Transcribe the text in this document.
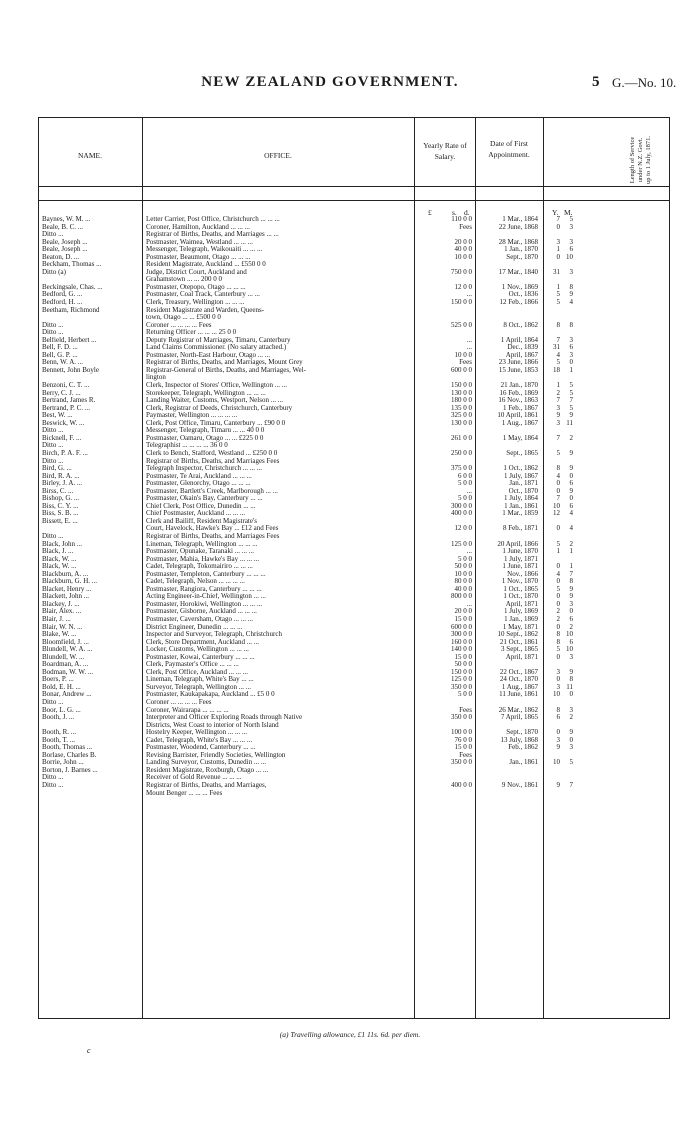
NEW ZEALAND GOVERNMENT.	5 G.—No. 10.
NAME.	OFFICE.
Yearly Rate of Salary.
Date of First Appointment.	Length of Service under N.Z. Govt. up to 1 July, 1871.
£	s. d.	Y. M.
Baynes, W. M. ...	Letter Carrier, Post Office, Christchurch ... ... ...	110 0 0	1 Mar., 1864	7	5
Beale, B. C. ...	Coroner, Hamilton, Auckland ... ... ...	Fees	22 June, 1868	0	3
Ditto ...	Registrar of Births, Deaths, and Marriages ... ...
Beale, Joseph ...	Postmaster, Waimea, Westland ... ... ...	20 0 0	28 Mar., 1868	3	3
Beale, Joseph ...	Messenger, Telegraph, Waikouaiti ... ... ...	40 0 0	1 Jan., 1870	1	6
Beaton, D. ...	Postmaster, Beaumont, Otago ... ... ...	10 0 0	Sept., 1870	0 10
Beckham, Thomas ...	Resident Magistrate, Auckland ... £550 0 0
Ditto (a)	Judge, District Court, Auckland and	750 0 0	17 Mar., 1840	31	3
Grahamstown ... ... 200 0 0
Beckingsale, Chas. ...	Postmaster, Otepopo, Otago ... ... ...	12 0 0	1 Nov., 1869	1	8
Bedford, G. ...	Postmaster, Coal Track, Canterbury ... ...	...	Oct., 1836	5	9
Bedford, H. ...	Clerk, Treasury, Wellington ... ... ...	150 0 0	12 Feb., 1866	5	4
Beetham, Richmond	Resident Magistrate and Warden, Queens-
town, Otago ... ... £500 0 0
Ditto ...	Coroner ... ... ... ... Fees	525 0 0	8 Oct., 1862	8	8
Ditto ...	Returning Officer ... ... ... 25 0 0
Belfield, Herbert ...	Deputy Registrar of Marriages, Timaru, Canterbury	...	1 April, 1864	7	3
Bell, F. D. ...	Land Claims Commissioner. (No salary attached.)	...	Dec., 1839	31	6
Bell, G. P. ...	Postmaster, North-East Harbour, Otago ... ...	10 0 0	April, 1867	4	3
Benn, W. A. ...	Registrar of Births, Deaths, and Marriages, Mount Grey	Fees	23 June, 1866	5	0
Bennett, John Boyle	Registrar-General of Births, Deaths, and Marriages, Wel-	600 0 0	15 June, 1853	18	1
lington
Benzoni, C. T. ...	Clerk, Inspector of Stores' Office, Wellington ... ...	150 0 0	21 Jan., 1870	1	5
Berry, C. J. ...	Storekeeper, Telegraph, Wellington ... ... ...	130 0 0	16 Feb., 1869	2	5
Bertrand, James R.	Landing Waiter, Customs, Westport, Nelson ... ...	180 0 0	16 Nov., 1863	7	7
Bertrand, P. C. ...	Clerk, Registrar of Deeds, Christchurch, Canterbury	135 0 0	1 Feb., 1867	3	5
Best, W. ...	Paymaster, Wellington ... ... ... ...	325 0 0	10 April, 1861	9	9
Beswick, W. ...	Clerk, Post Office, Timaru, Canterbury ... £90 0 0	130 0 0	1 Aug., 1867	3 11
Ditto ...	Messenger, Telegraph, Timaru ... ... 40 0 0
Bicknell, F. ...	Postmaster, Oamaru, Otago ... ... £225 0 0	261 0 0	1 May, 1864	7	2
Ditto ...	Telegraphist ... ... ... ... 36 0 0
Birch, P. A. F. ...	Clerk to Bench, Stafford, Westland ... £250 0 0	250 0 0	Sept., 1865	5	9
Ditto ...	Registrar of Births, Deaths, and Marriages Fees
Bird, G. ...	Telegraph Inspector, Christchurch ... ... ...	375 0 0	1 Oct., 1862	8	9
Bird, R. A. ...	Postmaster, Te Arai, Auckland ... ... ...	6 0 0	1 July, 1867	4	0
Birley, J. A. ...	Postmaster, Glenorchy, Otago ... ... ...	5 0 0	Jan., 1871	0	6
Birss, C. ...	Postmaster, Bartlett's Creek, Marlborough ... ...	...	Oct., 1870	0	9
Bishop, G. ...	Postmaster, Okain's Bay, Canterbury ... ...	5 0 0	1 July, 1864	7	0
Biss, C. Y. ...	Chief Clerk, Post Office, Dunedin ... ...	300 0 0	1 Jan., 1861	10	6
Biss, S. B. ...	Chief Postmaster, Auckland ... ... ...	400 0 0	1 Mar., 1859	12	4
Bissett, E. ...	Clerk and Bailiff, Resident Magistrate's
Court, Havelock, Hawke's Bay ... £12 and Fees	12 0 0	8 Feb., 1871	0	4
Ditto ...	Registrar of Births, Deaths, and Marriages Fees
Black, John ...	Lineman, Telegraph, Wellington ... ... ...	125 0 0	20 April, 1866	5	2
Black, J. ...	Postmaster, Opunake, Taranaki ... ... ...	...	1 June, 1870	1	1
Black, W. ...	Postmaster, Mahia, Hawke's Bay ... ... ...	5 0 0	1 July, 1871
Black, W. ...	Cadet, Telegraph, Tokomairiro ... ... ...	50 0 0	1 June, 1871	0	1
Blackburn, A. ...	Postmaster, Templeton, Canterbury ... ... ...	10 0 0	Nov., 1866	4	7
Blackburn, G. H. ...	Cadet, Telegraph, Nelson ... ... ... ...	80 0 0	1 Nov., 1870	0	8
Blacket, Henry ...	Postmaster, Rangiora, Canterbury ... ... ...	40 0 0	1 Oct., 1865	5	9
Blackett, John ...	Acting Engineer-in-Chief, Wellington ... ...	800 0 0	1 Oct., 1870	0	9
Blackey, J. ...	Postmaster, Horokiwi, Wellington ... ... ...	...	April, 1871	0	3
Blair, Alex. ...	Postmaster, Gisborne, Auckland ... ... ...	20 0 0	1 July, 1869	2	0
Blair, J. ...	Postmaster, Caversham, Otago ... ... ...	15 0 0	1 Jan., 1869	2	6
Blair, W. N. ...	District Engineer, Dunedin ... ... ...	600 0 0	1 May, 1871	0	2
Blake, W. ...	Inspector and Surveyor, Telegraph, Christchurch	300 0 0	10 Sept., 1862	8 10
Bloomfield, J. ...	Clerk, Store Department, Auckland ... ...	160 0 0	21 Oct., 1861	8	6
Blundell, W. A. ...	Locker, Customs, Wellington ... ... ...	140 0 0	3 Sept., 1865	5 10
Blundell, W. ...	Postmaster, Kowai, Canterbury ... ... ...	15 0 0	April, 1871	0	3
Boardman, A. ...	Clerk, Paymaster's Office ... ... ...	50 0 0
Bodman, W. W. ...	Clerk, Post Office, Auckland ... ... ...	150 0 0	22 Oct., 1867	3	9
Boers, P. ...	Lineman, Telegraph, White's Bay ... ...	125 0 0	24 Oct., 1870	0	8
Bold, E. H. ...	Surveyor, Telegraph, Wellington ... ...	350 0 0	1 Aug., 1867	3 11
Bonar, Andrew ...	Postmaster, Kaukapakapa, Auckland ... £5 0 0	5 0 0	11 June, 1861	10	0
Ditto ...	Coroner ... ... ... ... Fees
Boor, L. G. ...	Coroner, Wairarapa ... ... ... ...	Fees	26 Mar., 1862	8	3
Booth, J. ...	Interpreter and Officer Exploring Roads through Native	350 0 0	7 April, 1865	6	2
Districts, West Coast to interior of North Island
Booth, R. ...	Hostelry Keeper, Wellington ... ... ...	100 0 0	Sept., 1870	0	9
Booth, T. ...	Cadet, Telegraph, White's Bay ... ... ...	76 0 0	13 July, 1868	3	0
Booth, Thomas ...	Postmaster, Woodend, Canterbury ... ...	15 0 0	Feb., 1862	9	3
Borlase, Charles B.	Revising Barrister, Friendly Societies, Wellington	Fees
Borrie, John ...	Landing Surveyor, Customs, Dunedin ... ...	350 0 0	Jan., 1861	10	5
Borton, J. Barnes ...	Resident Magistrate, Roxburgh, Otago ... ...
Ditto ...	Receiver of Gold Revenue ... ... ...
Ditto ...	Registrar of Births, Deaths, and Marriages,	400 0 0	9 Nov., 1861	9	7
Mount Benger ... ... ... Fees
(a) Travelling allowance, £1 11s. 6d. per diem.
c
